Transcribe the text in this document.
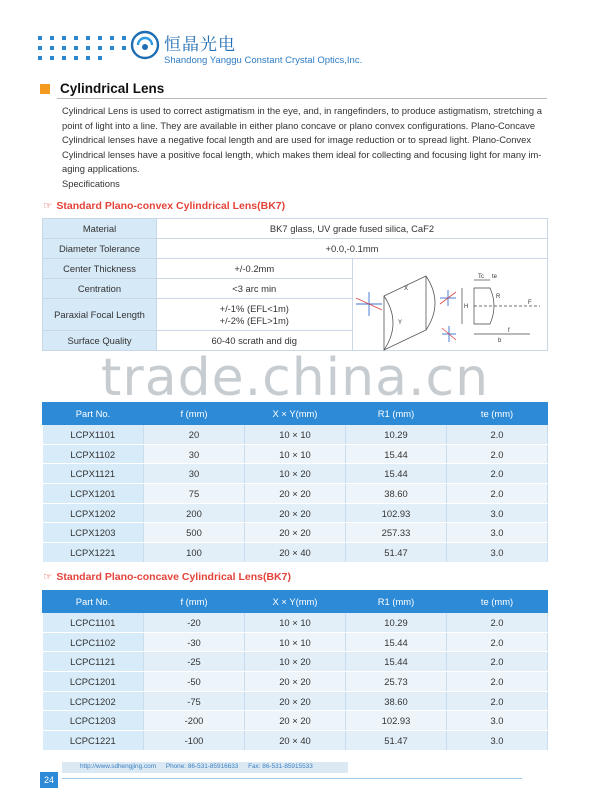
恒晶光电
Shandong Yanggu Constant Crystal Optics,Inc.
Cylindrical Lens

Cylindrical Lens is used to correct astigmatism in the eye, and, in rangefinders, to produce astigmatism, stretching a

point of light into a line. They are available in either plano concave or plano convex configurations. Plano-Concave

Cylindrical lenses have a negative focal length and are used for image reduction or to spread light. Plano-Convex

Cylindrical lenses have a positive focal length, which makes them ideal for collecting and focusing light for many im-

aging applications.

Specifications

☞ Standard Plano-convex Cylindrical Lens(BK7)
Material	BK7 glass, UV grade fused silica, CaF2	
Diameter Tolerance	+0.0,-0.1mm	
Center Thickness	+/-0.2mm	
Centration	<3 arc min	
Paraxial Focal Length	+/-1% (EFL<1m)
+/-2% (EFL>1m)	

Surface Quality	60-40 scrath and dig	
X
Y
Tc te
H
F
f
b
R
Part No.	f (mm)	X × Y(mm)	R1 (mm)	te (mm)
LCPX1101	20	10 × 10	10.29	2.0
LCPX1102	30	10 × 10	15.44	2.0
LCPX1121	30	10 × 20	15.44	2.0
LCPX1201	75	20 × 20	38.60	2.0
LCPX1202	200	20 × 20	102.93	3.0
LCPX1203	500	20 × 20	257.33	3.0
LCPX1221	100	20 × 40	51.47	3.0
trade.china.cn
☞ Standard Plano-concave Cylindrical Lens(BK7)
Part No.	f (mm)	X × Y(mm)	R1 (mm)	te (mm)
LCPC1101	-20	10 × 10	10.29	2.0
LCPC1102	-30	10 × 10	15.44	2.0
LCPC1121	-25	10 × 20	15.44	2.0
LCPC1201	-50	20 × 20	25.73	2.0
LCPC1202	-75	20 × 20	38.60	2.0
LCPC1203	-200	20 × 20	102.93	3.0
LCPC1221	-100	20 × 40	51.47	3.0
http://www.sdhengjing.com Phone: 86-531-85916633 Fax: 86-531-85915533
24
